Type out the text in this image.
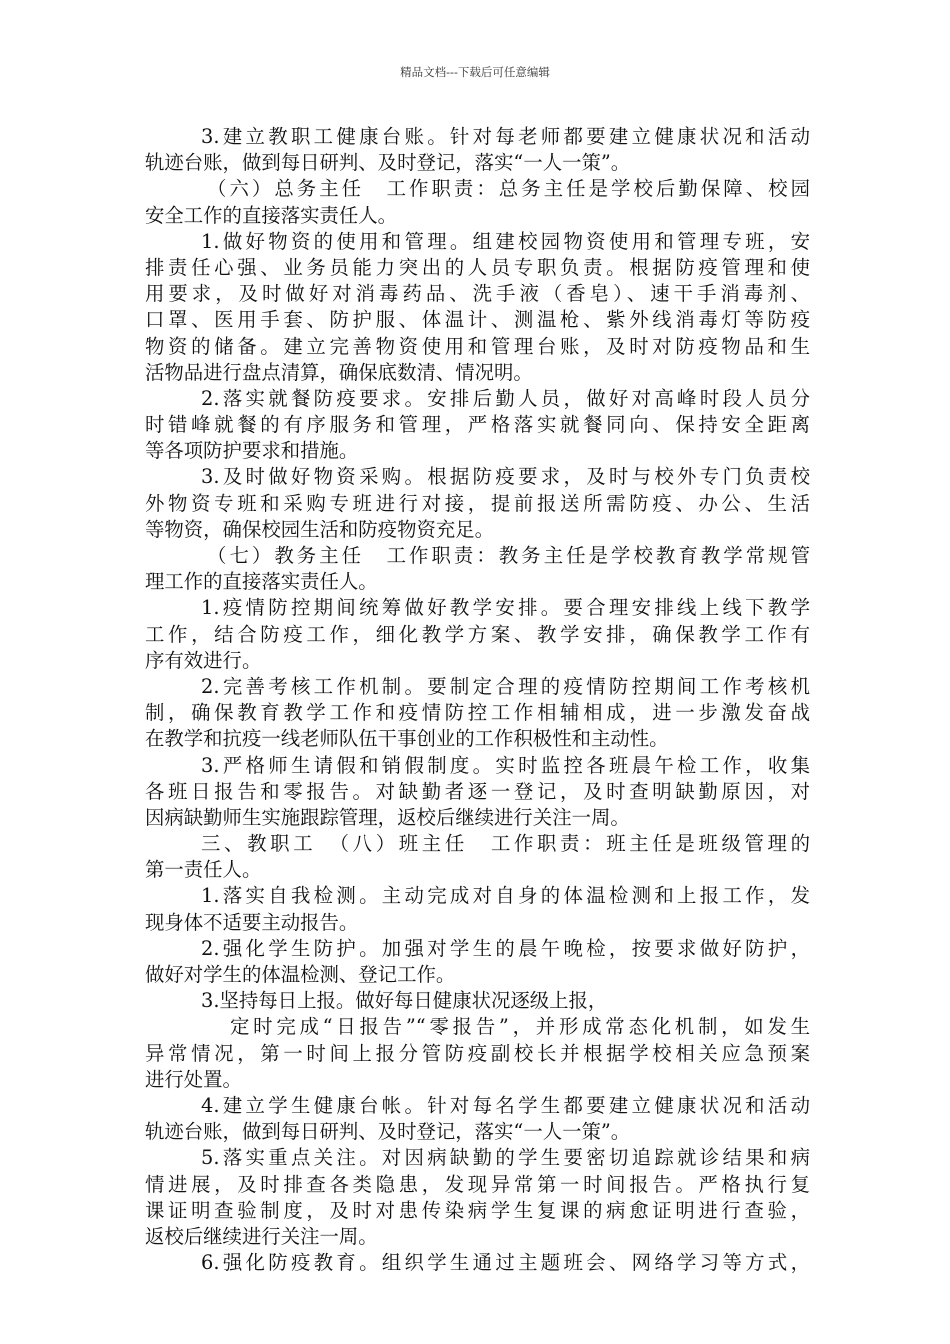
精品文档---下载后可任意编辑
3.建立教职工健康台账。针对每老师都要建立健康状况和活动
轨迹台账，做到每日研判、及时登记，落实“一人一策”。
（六）总务主任　工作职责：总务主任是学校后勤保障、校园
安全工作的直接落实责任人。
1.做好物资的使用和管理。组建校园物资使用和管理专班，安
排责任心强、业务员能力突出的人员专职负责。根据防疫管理和使
用要求，及时做好对消毒药品、洗手液（香皂）、速干手消毒剂、
口罩、医用手套、防护服、体温计、测温枪、紫外线消毒灯等防疫
物资的储备。建立完善物资使用和管理台账，及时对防疫物品和生
活物品进行盘点清算，确保底数清、情况明。
2.落实就餐防疫要求。安排后勤人员，做好对高峰时段人员分
时错峰就餐的有序服务和管理，严格落实就餐同向、保持安全距离
等各项防护要求和措施。
3.及时做好物资采购。根据防疫要求，及时与校外专门负责校
外物资专班和采购专班进行对接，提前报送所需防疫、办公、生活
等物资，确保校园生活和防疫物资充足。
（七）教务主任　工作职责：教务主任是学校教育教学常规管
理工作的直接落实责任人。
1.疫情防控期间统筹做好教学安排。要合理安排线上线下教学
工作，结合防疫工作，细化教学方案、教学安排，确保教学工作有
序有效进行。
2.完善考核工作机制。要制定合理的疫情防控期间工作考核机
制，确保教育教学工作和疫情防控工作相辅相成，进一步激发奋战
在教学和抗疫一线老师队伍干事创业的工作积极性和主动性。
3.严格师生请假和销假制度。实时监控各班晨午检工作，收集
各班日报告和零报告。对缺勤者逐一登记，及时查明缺勤原因，对
因病缺勤师生实施跟踪管理，返校后继续进行关注一周。
三、教职工　（八）班主任　工作职责：班主任是班级管理的
第一责任人。
1.落实自我检测。主动完成对自身的体温检测和上报工作，发
现身体不适要主动报告。
2.强化学生防护。加强对学生的晨午晚检，按要求做好防护，
做好对学生的体温检测、登记工作。
3.坚持每日上报。做好每日健康状况逐级上报，
定时完成“日报告”“零报告”，并形成常态化机制，如发生
异常情况，第一时间上报分管防疫副校长并根据学校相关应急预案
进行处置。
4.建立学生健康台帐。针对每名学生都要建立健康状况和活动
轨迹台账，做到每日研判、及时登记，落实“一人一策”。
5.落实重点关注。对因病缺勤的学生要密切追踪就诊结果和病
情进展，及时排查各类隐患，发现异常第一时间报告。严格执行复
课证明查验制度，及时对患传染病学生复课的病愈证明进行查验，
返校后继续进行关注一周。
6.强化防疫教育。组织学生通过主题班会、网络学习等方式，
